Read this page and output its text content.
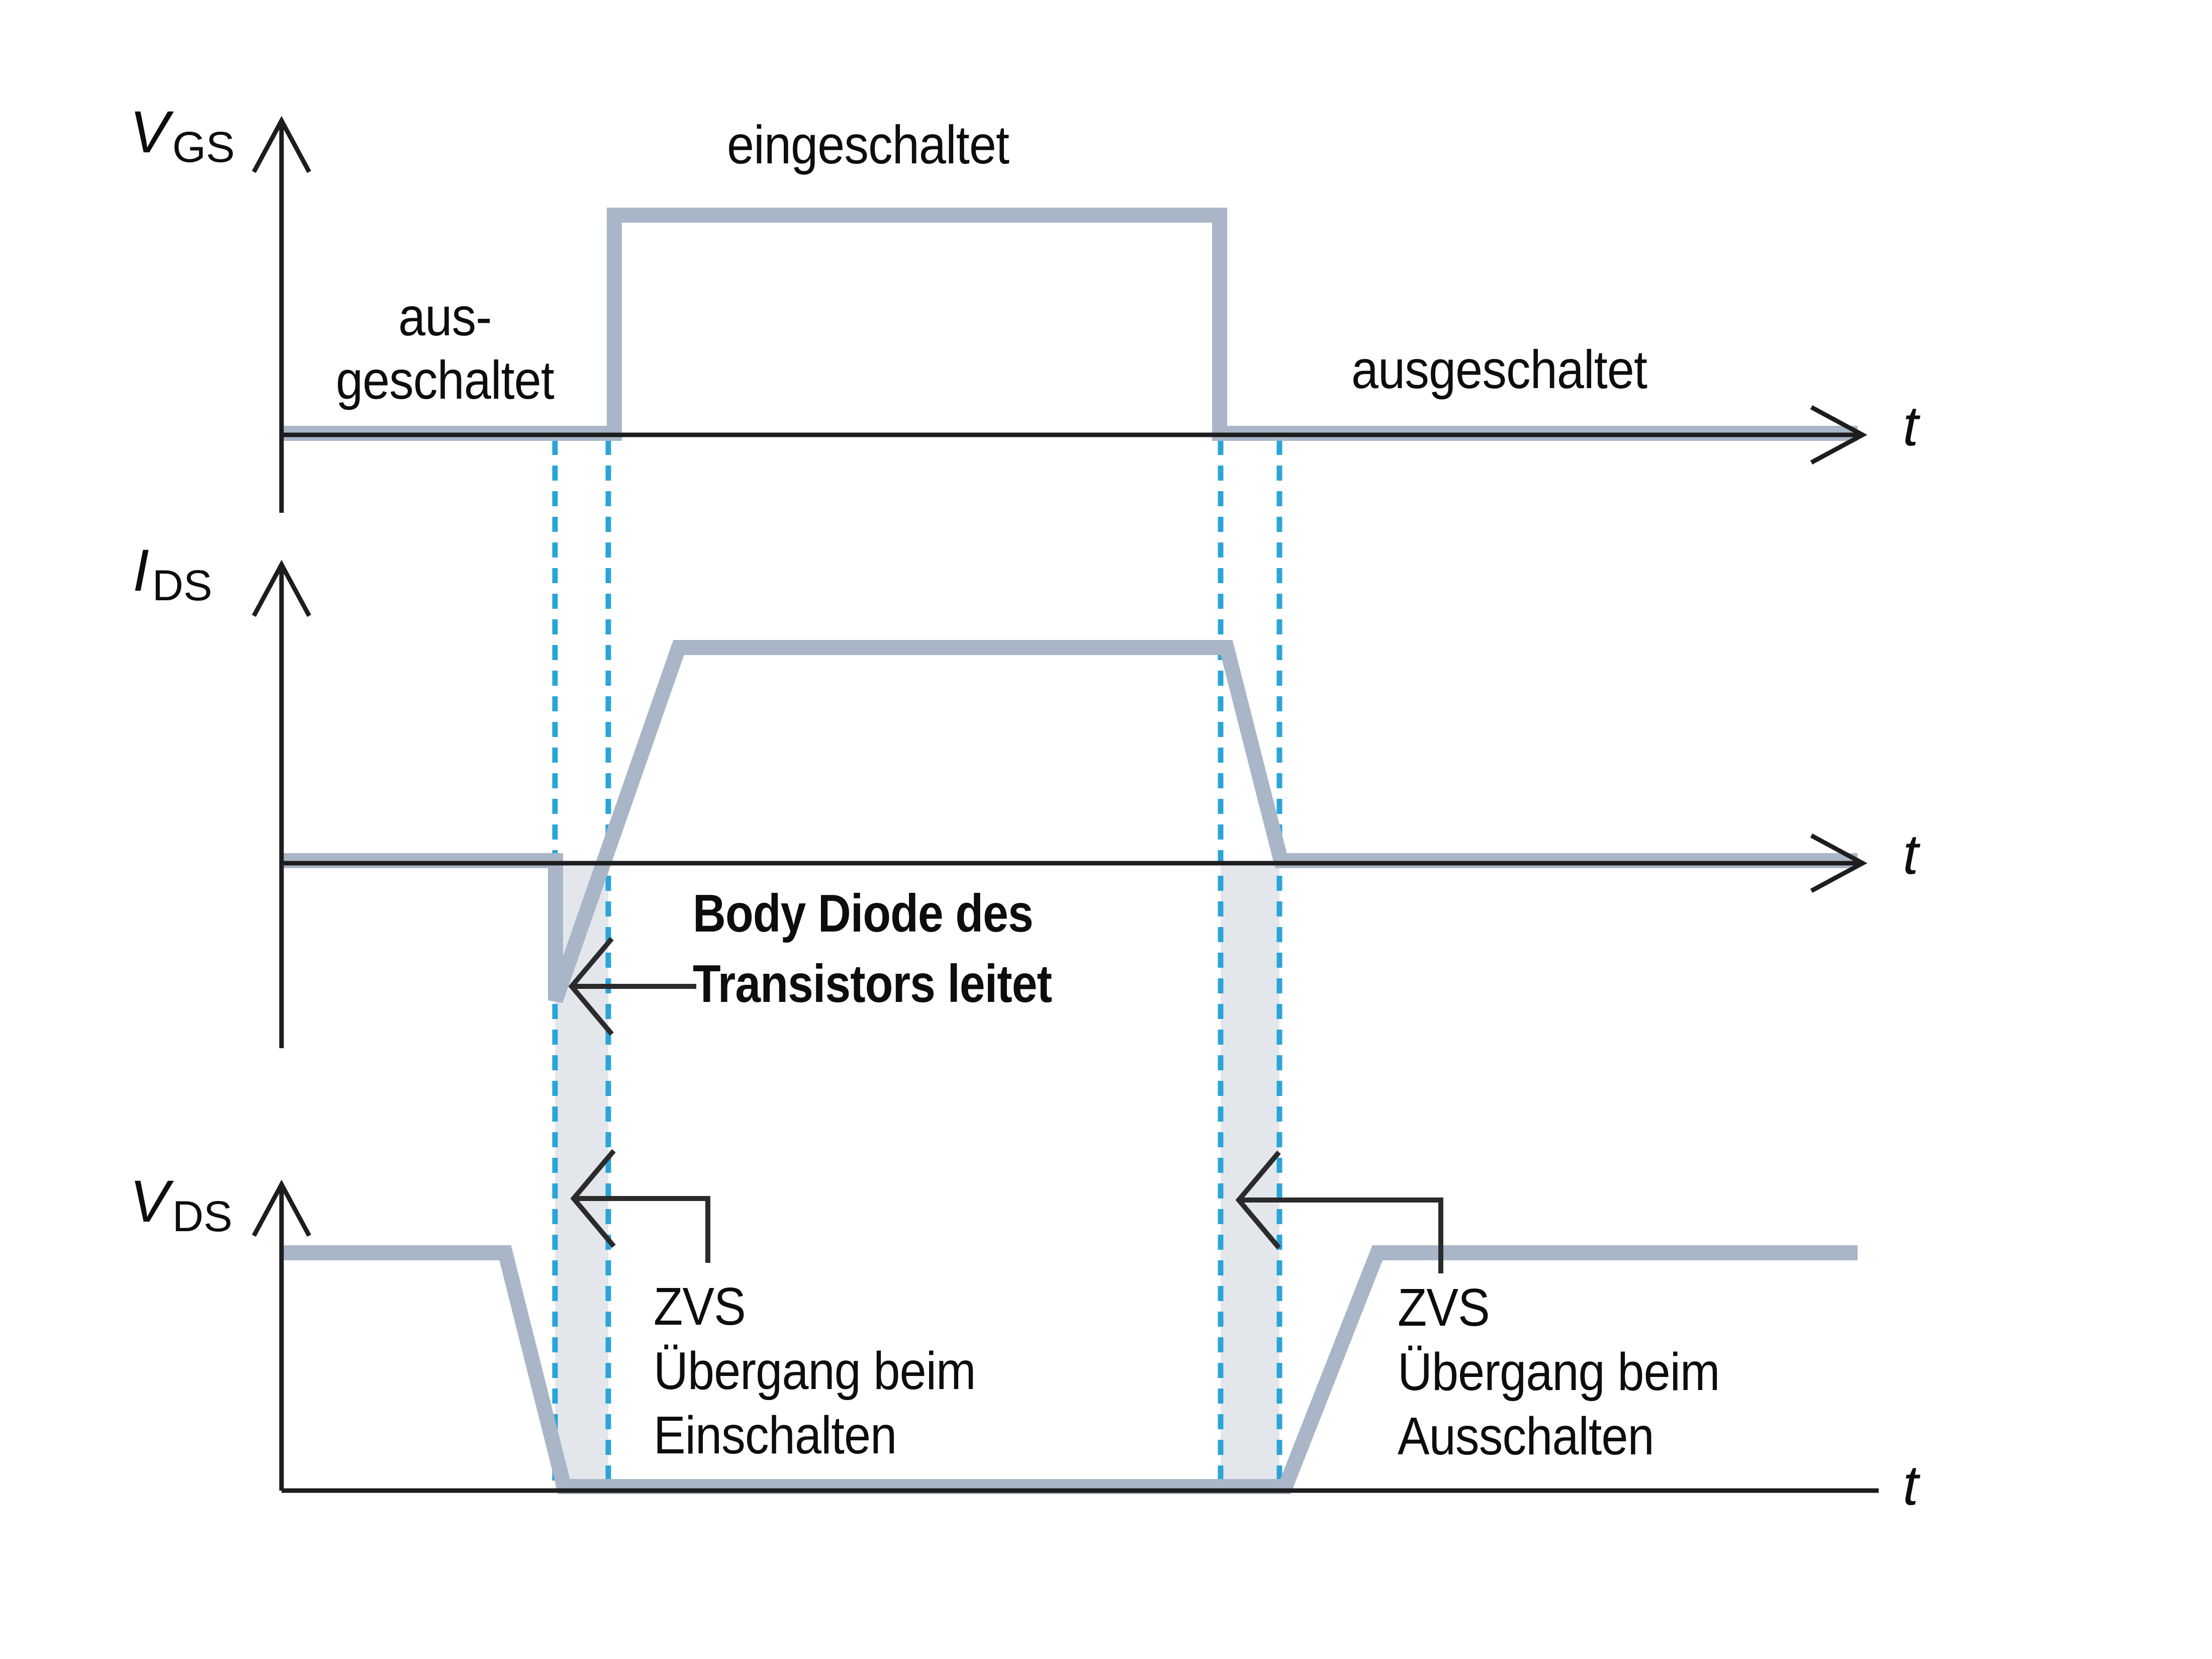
VGS	eingeschaltet
aus-
geschaltet	ausgeschaltet
t
IDS
Body Diode des
Transistors leitet
t
VDS
ZVS
Übergang beim
Einschalten
ZVS
Übergang beim
Ausschalten
t
